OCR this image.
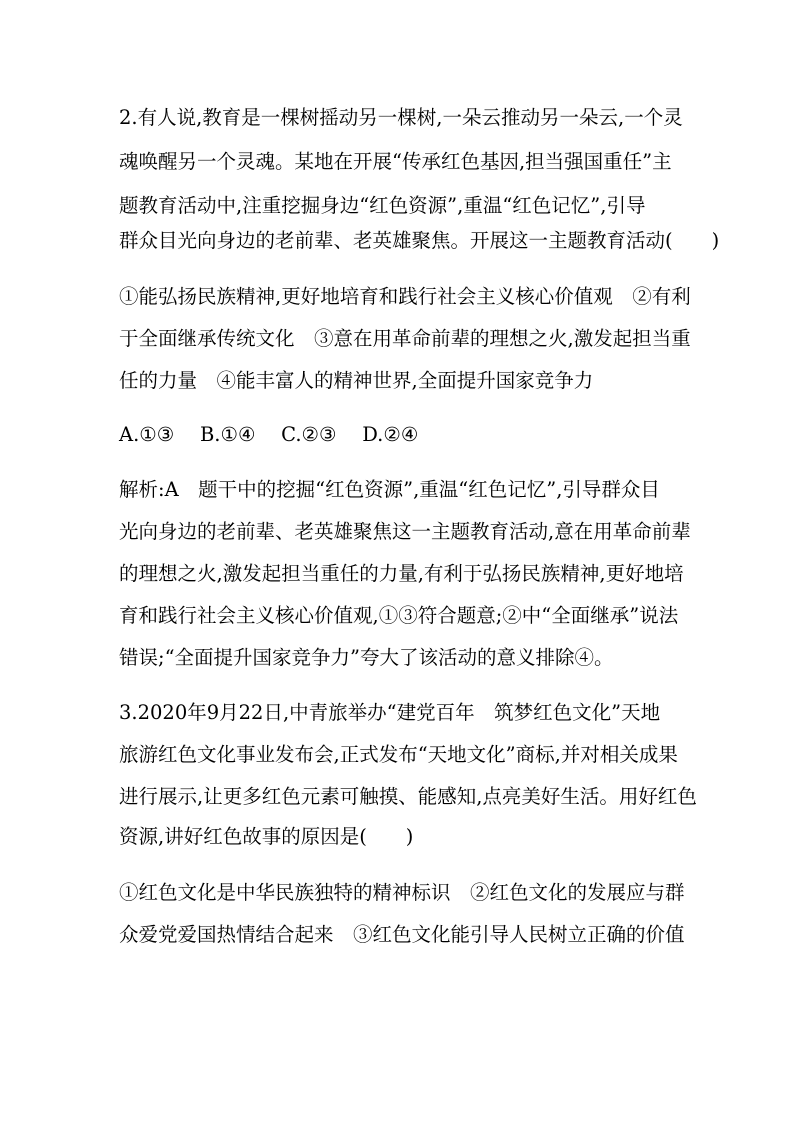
2.有人说,教育是一棵树摇动另一棵树,一朵云推动另一朵云,一个灵
魂唤醒另一个灵魂。某地在开展“传承红色基因,担当强国重任”主
题教育活动中,注重挖掘身边“红色资源”,重温“红色记忆”,引导
群众目光向身边的老前辈、老英雄聚焦。开展这一主题教育活动(　　)
①能弘扬民族精神,更好地培育和践行社会主义核心价值观　②有利
于全面继承传统文化　③意在用革命前辈的理想之火,激发起担当重
任的力量　④能丰富人的精神世界,全面提升国家竞争力
A.①③　 B.①④　 C.②③　 D.②④
解析:A　题干中的挖掘“红色资源”,重温“红色记忆”,引导群众目
光向身边的老前辈、老英雄聚焦这一主题教育活动,意在用革命前辈
的理想之火,激发起担当重任的力量,有利于弘扬民族精神,更好地培
育和践行社会主义核心价值观,①③符合题意;②中“全面继承”说法
错误;“全面提升国家竞争力”夸大了该活动的意义排除④。
3.2020年9月22日,中青旅举办“建党百年　筑梦红色文化”天地
旅游红色文化事业发布会,正式发布“天地文化”商标,并对相关成果
进行展示,让更多红色元素可触摸、能感知,点亮美好生活。用好红色
资源,讲好红色故事的原因是(　　)
①红色文化是中华民族独特的精神标识　②红色文化的发展应与群
众爱党爱国热情结合起来　③红色文化能引导人民树立正确的价值
